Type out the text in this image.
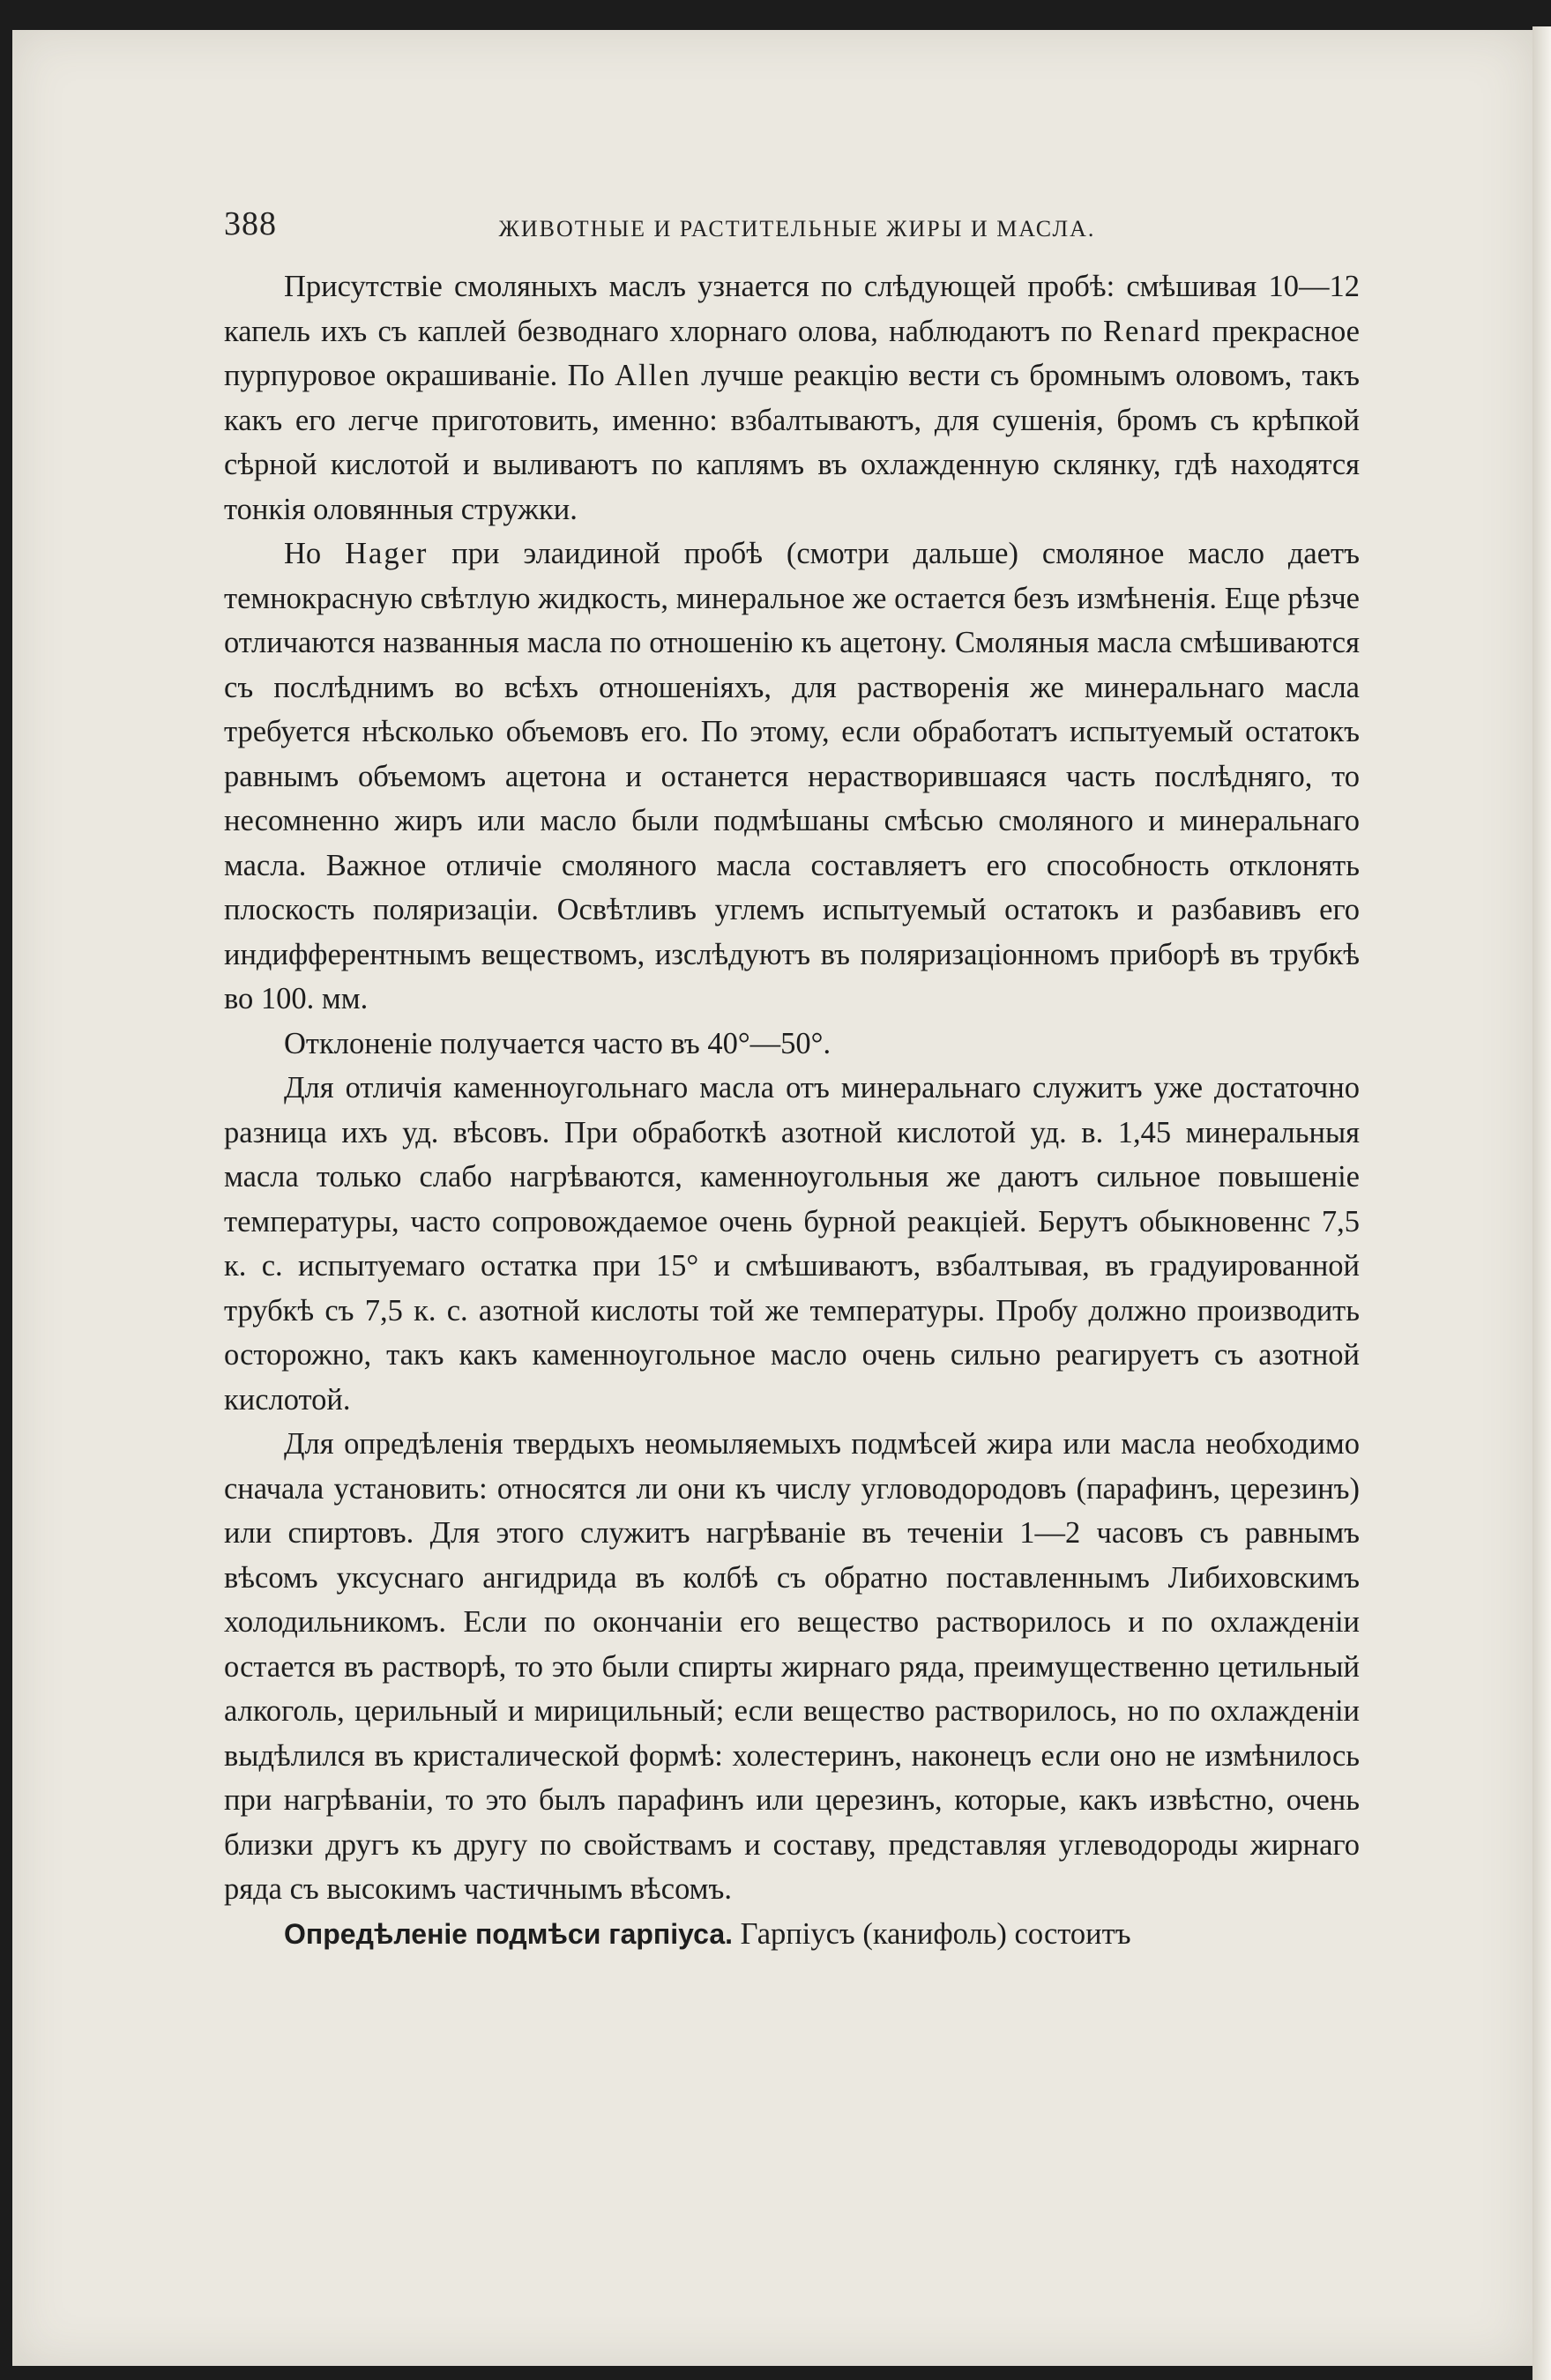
388	ЖИВОТНЫЕ И РАСТИТЕЛЬНЫЕ ЖИРЫ И МАСЛА.

Присутствіе смоляныхъ маслъ узнается по слѣдующей пробѣ: смѣшивая 10—12 капель ихъ съ каплей безводнаго хлорнаго олова, наблюдаютъ по Renard прекрасное пурпуровое окрашиваніе. По Allen лучше реакцію вести съ бромнымъ оловомъ, такъ какъ его легче приготовить, именно: взбалтываютъ, для сушенія, бромъ съ крѣпкой сѣрной кислотой и выливаютъ по каплямъ въ охлажденную склянку, гдѣ находятся тонкія оловянныя стружки.

Но Hager при элаидиной пробѣ (смотри дальше) смоляное масло даетъ темнокрасную свѣтлую жидкость, минеральное же остается безъ измѣненія. Еще рѣзче отличаются названныя масла по отношенію къ ацетону. Смоляныя масла смѣшиваются съ послѣднимъ во всѣхъ отношеніяхъ, для растворенія же минеральнаго масла требуется нѣсколько объемовъ его. По этому, если обработатъ испытуемый остатокъ равнымъ объемомъ ацетона и останется нерастворившаяся часть послѣдняго, то несомненно жиръ или масло были подмѣшаны смѣсью смоляного и минеральнаго масла. Важное отличіе смоляного масла составляетъ его способность отклонять плоскость поляризаціи. Освѣтливъ углемъ испытуемый остатокъ и разбавивъ его индифферентнымъ веществомъ, изслѣдуютъ въ поляризаціонномъ приборѣ въ трубкѣ во 100. мм.

Отклоненіе получается часто въ 40°—50°.

Для отличія каменноугольнаго масла отъ минеральнаго служитъ уже достаточно разница ихъ уд. вѣсовъ. При обработкѣ азотной кислотой уд. в. 1,45 минеральныя масла только слабо нагрѣваются, каменноугольныя же даютъ сильное повышеніе температуры, часто сопровождаемое очень бурной реакціей. Берутъ обыкновеннс 7,5 к. с. испытуемаго остатка при 15° и смѣшиваютъ, взбалтывая, въ градуированной трубкѣ съ 7,5 к. с. азотной кислоты той же температуры. Пробу должно производить осторожно, такъ какъ каменноугольное масло очень сильно реагируетъ съ азотной кислотой.

Для опредѣленія твердыхъ неомыляемыхъ подмѣсей жира или масла необходимо сначала установить: относятся ли они къ числу угловодородовъ (парафинъ, церезинъ) или спиртовъ. Для этого служитъ нагрѣваніе въ теченіи 1—2 часовъ съ равнымъ вѣсомъ уксуснаго ангидрида въ колбѣ съ обратно поставленнымъ Либиховскимъ холодильникомъ. Если по окончаніи его вещество растворилось и по охлажденіи остается въ растворѣ, то это были спирты жирнаго ряда, преимущественно цетильный алкоголь, церильный и мирицильный; если вещество растворилось, но по охлажденіи выдѣлился въ кристалической формѣ: холестеринъ, наконецъ если оно не измѣнилось при нагрѣваніи, то это былъ парафинъ или церезинъ, которые, какъ извѣстно, очень близки другъ къ другу по свойствамъ и составу, представляя углеводороды жирнаго ряда съ высокимъ частичнымъ вѣсомъ.

Опредѣленіе подмѣси гарпіуса. Гарпіусъ (канифоль) состоитъ
